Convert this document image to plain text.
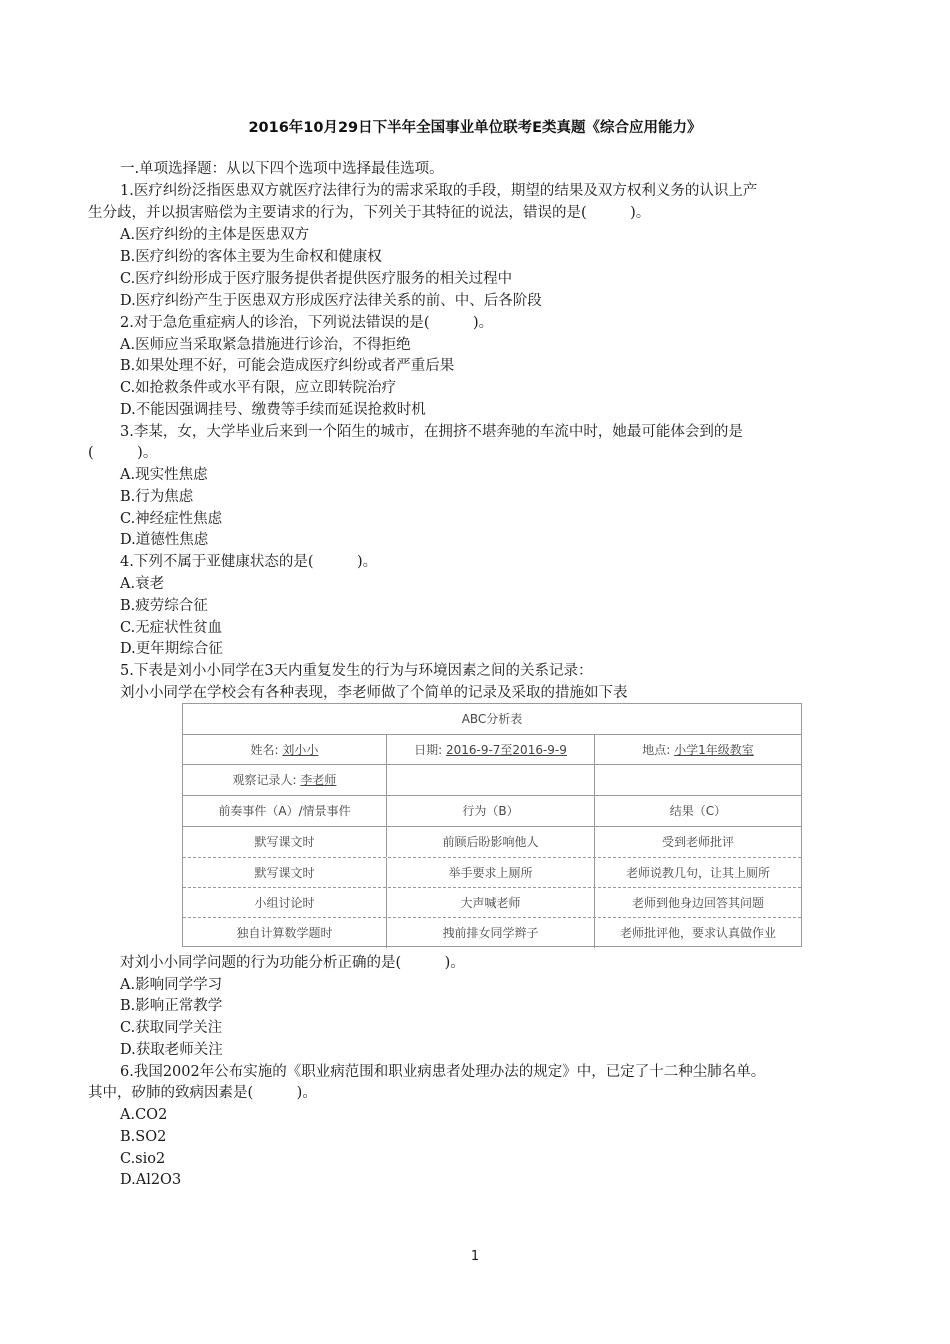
2016年10月29日下半年全国事业单位联考E类真题《综合应用能力》
一.单项选择题：从以下四个选项中选择最佳选项。
1.医疗纠纷泛指医患双方就医疗法律行为的需求采取的手段，期望的结果及双方权利义务的认识上产
生分歧，并以损害赔偿为主要请求的行为，下列关于其特征的说法，错误的是(　　　)。
A.医疗纠纷的主体是医患双方
B.医疗纠纷的客体主要为生命权和健康权
C.医疗纠纷形成于医疗服务提供者提供医疗服务的相关过程中
D.医疗纠纷产生于医患双方形成医疗法律关系的前、中、后各阶段
2.对于急危重症病人的诊治，下列说法错误的是(　　　)。
A.医师应当采取紧急措施进行诊治，不得拒绝
B.如果处理不好，可能会造成医疗纠纷或者严重后果
C.如抢救条件或水平有限，应立即转院治疗
D.不能因强调挂号、缴费等手续而延误抢救时机
3.李某，女，大学毕业后来到一个陌生的城市，在拥挤不堪奔驰的车流中时，她最可能体会到的是
(　　　)。
A.现实性焦虑
B.行为焦虑
C.神经症性焦虑
D.道德性焦虑
4.下列不属于亚健康状态的是(　　　)。
A.衰老
B.疲劳综合征
C.无症状性贫血
D.更年期综合征
5.下表是刘小小同学在3天内重复发生的行为与环境因素之间的关系记录：
刘小小同学在学校会有各种表现，李老师做了个简单的记录及采取的措施如下表
ABC分析表
姓名: 刘小小	日期: 2016-9-7至2016-9-9	地点: 小学1年级教室
观察记录人: 李老师
前奏事件（A）/情景事件	行为（B）	结果（C）
默写课文时	前顾后盼影响他人	受到老师批评
默写课文时	举手要求上厕所	老师说教几句，让其上厕所
小组讨论时	大声喊老师	老师到他身边回答其问题
独自计算数学题时	拽前排女同学辫子	老师批评他，要求认真做作业
对刘小小同学问题的行为功能分析正确的是(　　　)。
A.影响同学学习
B.影响正常教学
C.获取同学关注
D.获取老师关注
6.我国2002年公布实施的《职业病范围和职业病患者处理办法的规定》中，已定了十二种尘肺名单。
其中，矽肺的致病因素是(　　　)。
A.CO2
B.SO2
C.sio2
D.Al2O3
1
